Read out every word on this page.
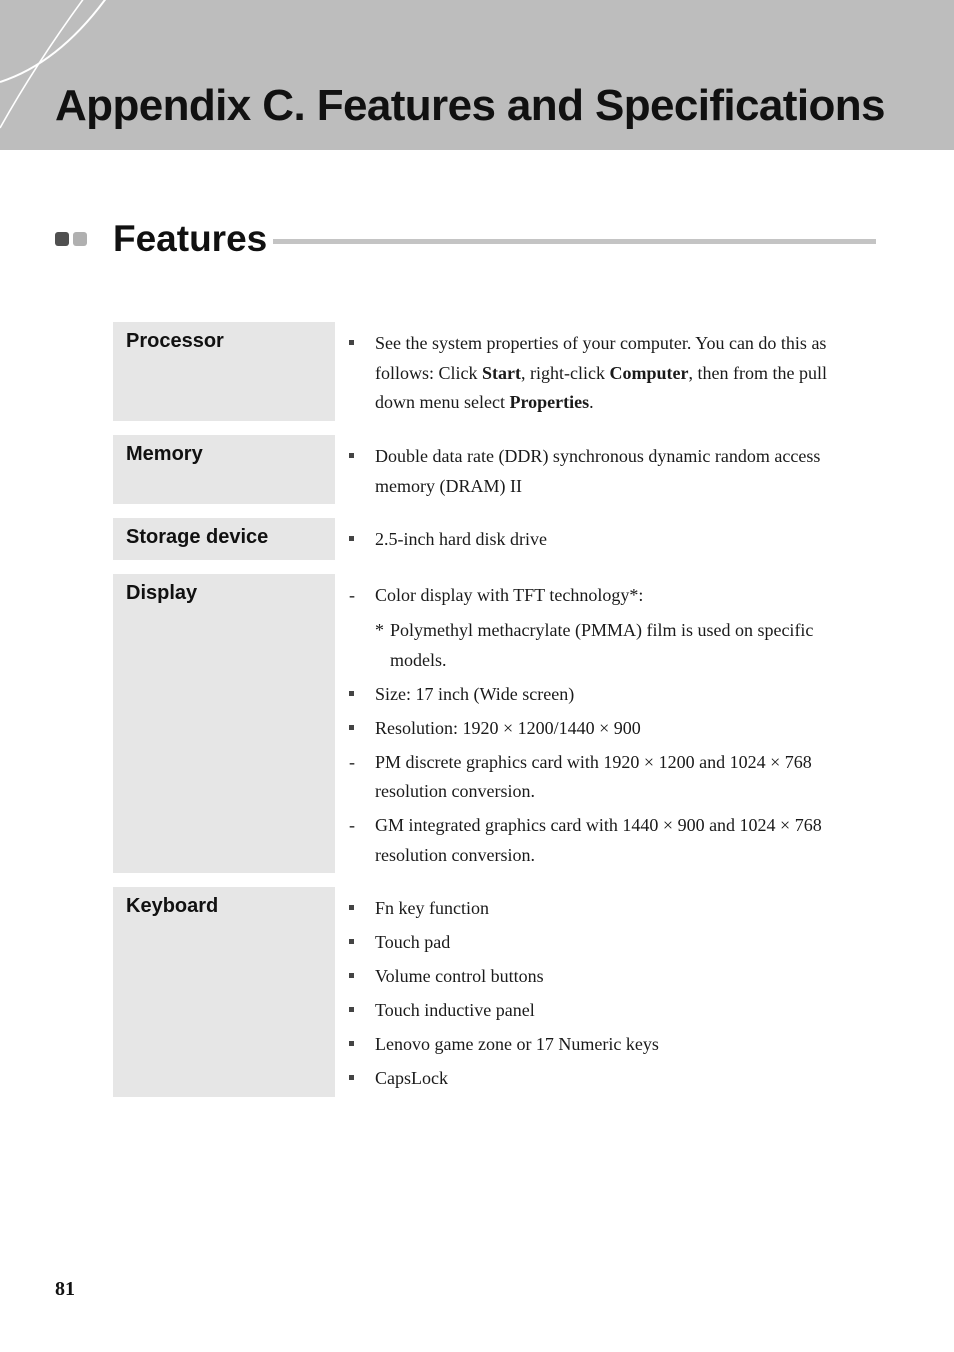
Appendix C. Features and Specifications
Features
Processor	See the system properties of your computer. You can do this as follows: Click Start, right-click Computer, then from the pull down menu select Properties.
Memory	Double data rate (DDR) synchronous dynamic random access memory (DRAM) II
Storage device	2.5-inch hard disk drive
Display	- Color display with TFT technology*:
* Polymethyl methacrylate (PMMA) film is used on specific models.
Size: 17 inch (Wide screen)
Resolution: 1920 × 1200/1440 × 900
- PM discrete graphics card with 1920 × 1200 and 1024 × 768 resolution conversion.
- GM integrated graphics card with 1440 × 900 and 1024 × 768 resolution conversion.
Keyboard	Fn key function
Touch pad
Volume control buttons
Touch inductive panel
Lenovo game zone or 17 Numeric keys
CapsLock
81
